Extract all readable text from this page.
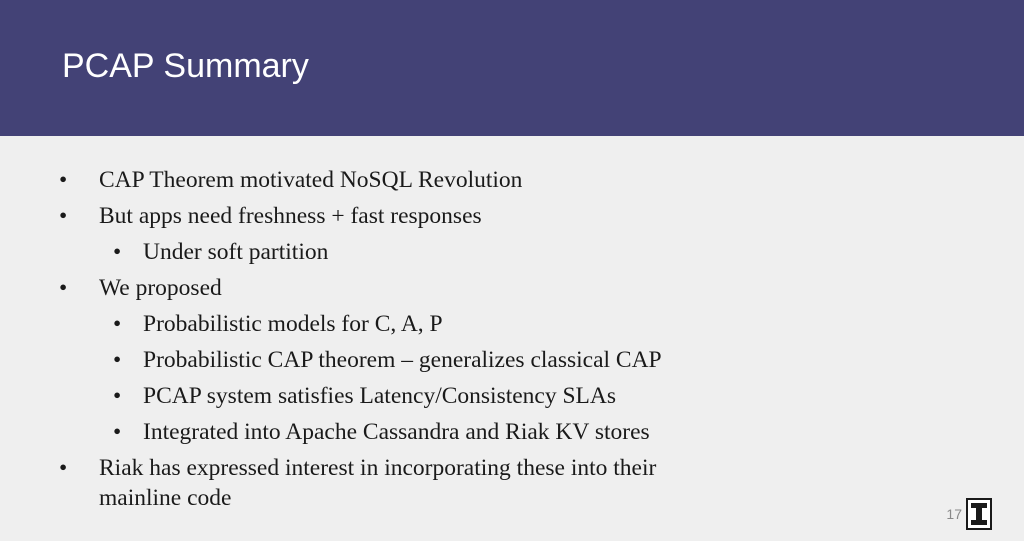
PCAP Summary
• CAP Theorem motivated NoSQL Revolution
• But apps need freshness + fast responses
• Under soft partition
• We proposed
• Probabilistic models for C, A, P
• Probabilistic CAP theorem – generalizes classical CAP
• PCAP system satisfies Latency/Consistency SLAs
• Integrated into Apache Cassandra and Riak KV stores
• Riak has expressed interest in incorporating these into their
mainline code
17
